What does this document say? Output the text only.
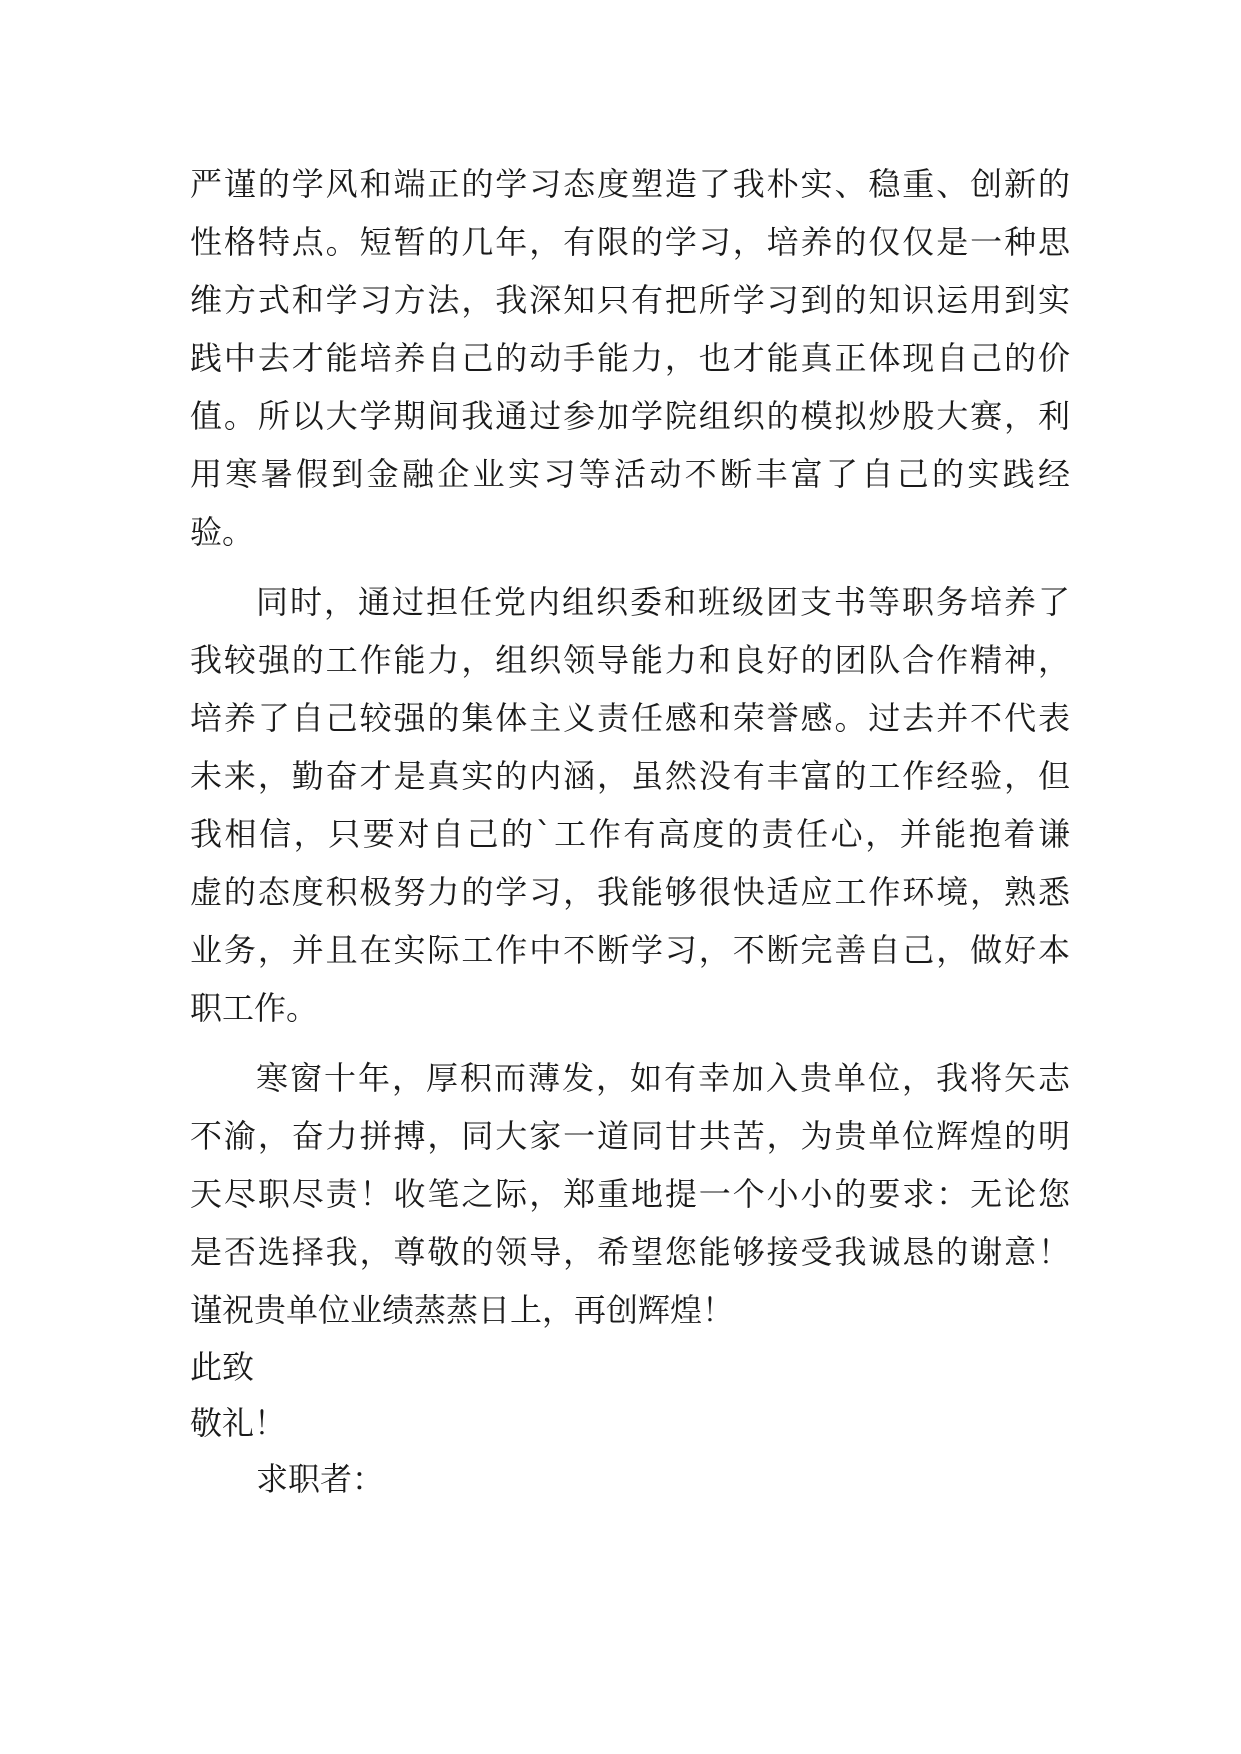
严谨的学风和端正的学习态度塑造了我朴实、稳重、创新的
性格特点。短暂的几年，有限的学习，培养的仅仅是一种思
维方式和学习方法，我深知只有把所学习到的知识运用到实
践中去才能培养自己的动手能力，也才能真正体现自己的价
值。所以大学期间我通过参加学院组织的模拟炒股大赛，利
用寒暑假到金融企业实习等活动不断丰富了自己的实践经
验。
同时，通过担任党内组织委和班级团支书等职务培养了
我较强的工作能力，组织领导能力和良好的团队合作精神，
培养了自己较强的集体主义责任感和荣誉感。过去并不代表
未来，勤奋才是真实的内涵，虽然没有丰富的工作经验，但
我相信，只要对自己的`工作有高度的责任心，并能抱着谦
虚的态度积极努力的学习，我能够很快适应工作环境，熟悉
业务，并且在实际工作中不断学习，不断完善自己，做好本
职工作。
寒窗十年，厚积而薄发，如有幸加入贵单位，我将矢志
不渝，奋力拼搏，同大家一道同甘共苦，为贵单位辉煌的明
天尽职尽责！收笔之际，郑重地提一个小小的要求：无论您
是否选择我，尊敬的领导，希望您能够接受我诚恳的谢意！
谨祝贵单位业绩蒸蒸日上，再创辉煌！
此致
敬礼！
求职者：
